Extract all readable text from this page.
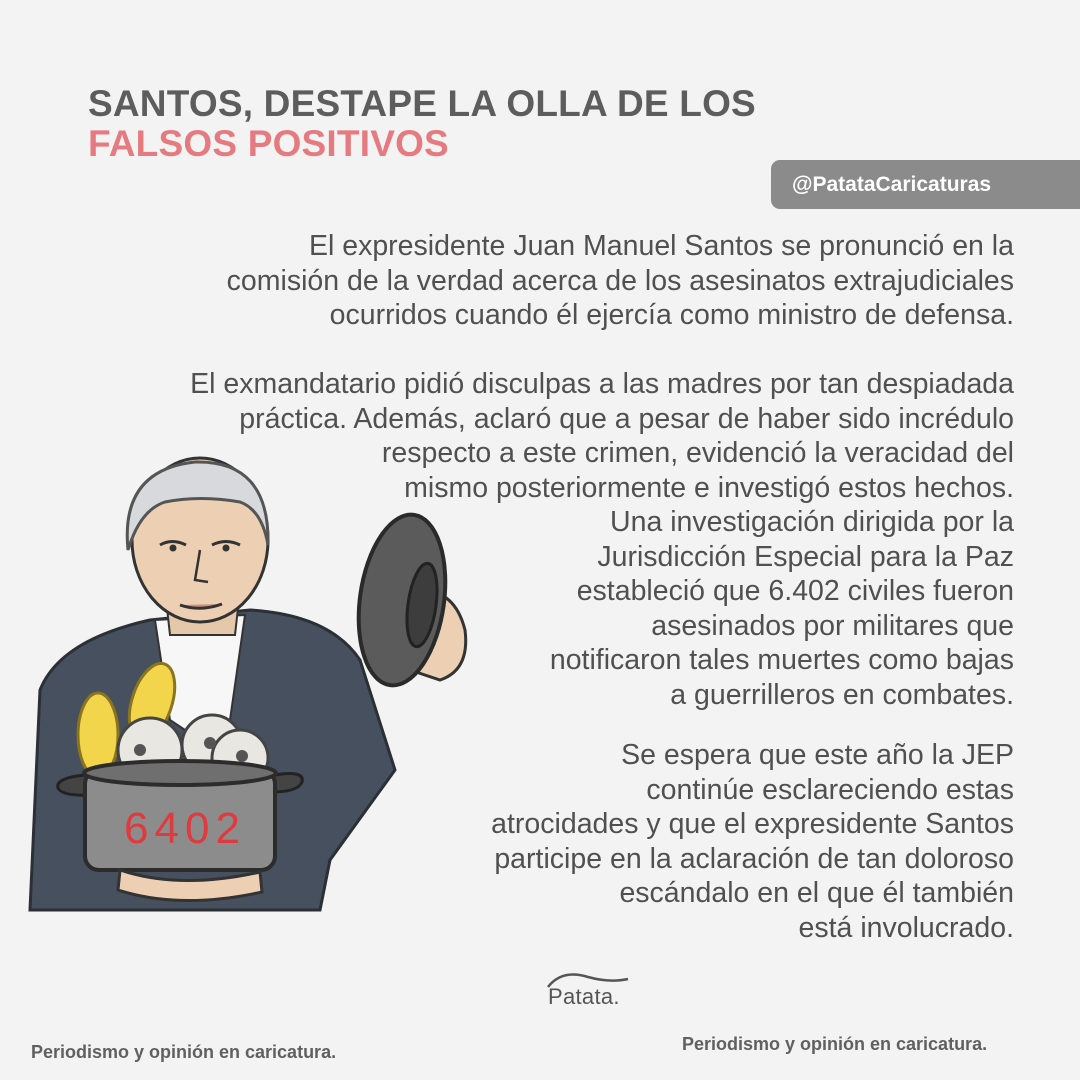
SANTOS, DESTAPE LA OLLA DE LOS
FALSOS POSITIVOS
@PatataCaricaturas
6402

El expresidente Juan Manuel Santos se pronunció en la
comisión de la verdad acerca de los asesinatos extrajudiciales
ocurridos cuando él ejercía como ministro de defensa.

El exmandatario pidió disculpas a las madres por tan despiadada
práctica. Además, aclaró que a pesar de haber sido incrédulo
respecto a este crimen, evidenció la veracidad del
mismo posteriormente e investigó estos hechos.
Una investigación dirigida por la
Jurisdicción Especial para la Paz
estableció que 6.402 civiles fueron
asesinados por militares que
notificaron tales muertes como bajas
a guerrilleros en combates.

Se espera que este año la JEP
continúe esclareciendo estas
atrocidades y que el expresidente Santos
participe en la aclaración de tan doloroso
escándalo en el que él también
está involucrado.

Patata.
Periodismo y opinión en caricatura.	Periodismo y opinión en caricatura.
